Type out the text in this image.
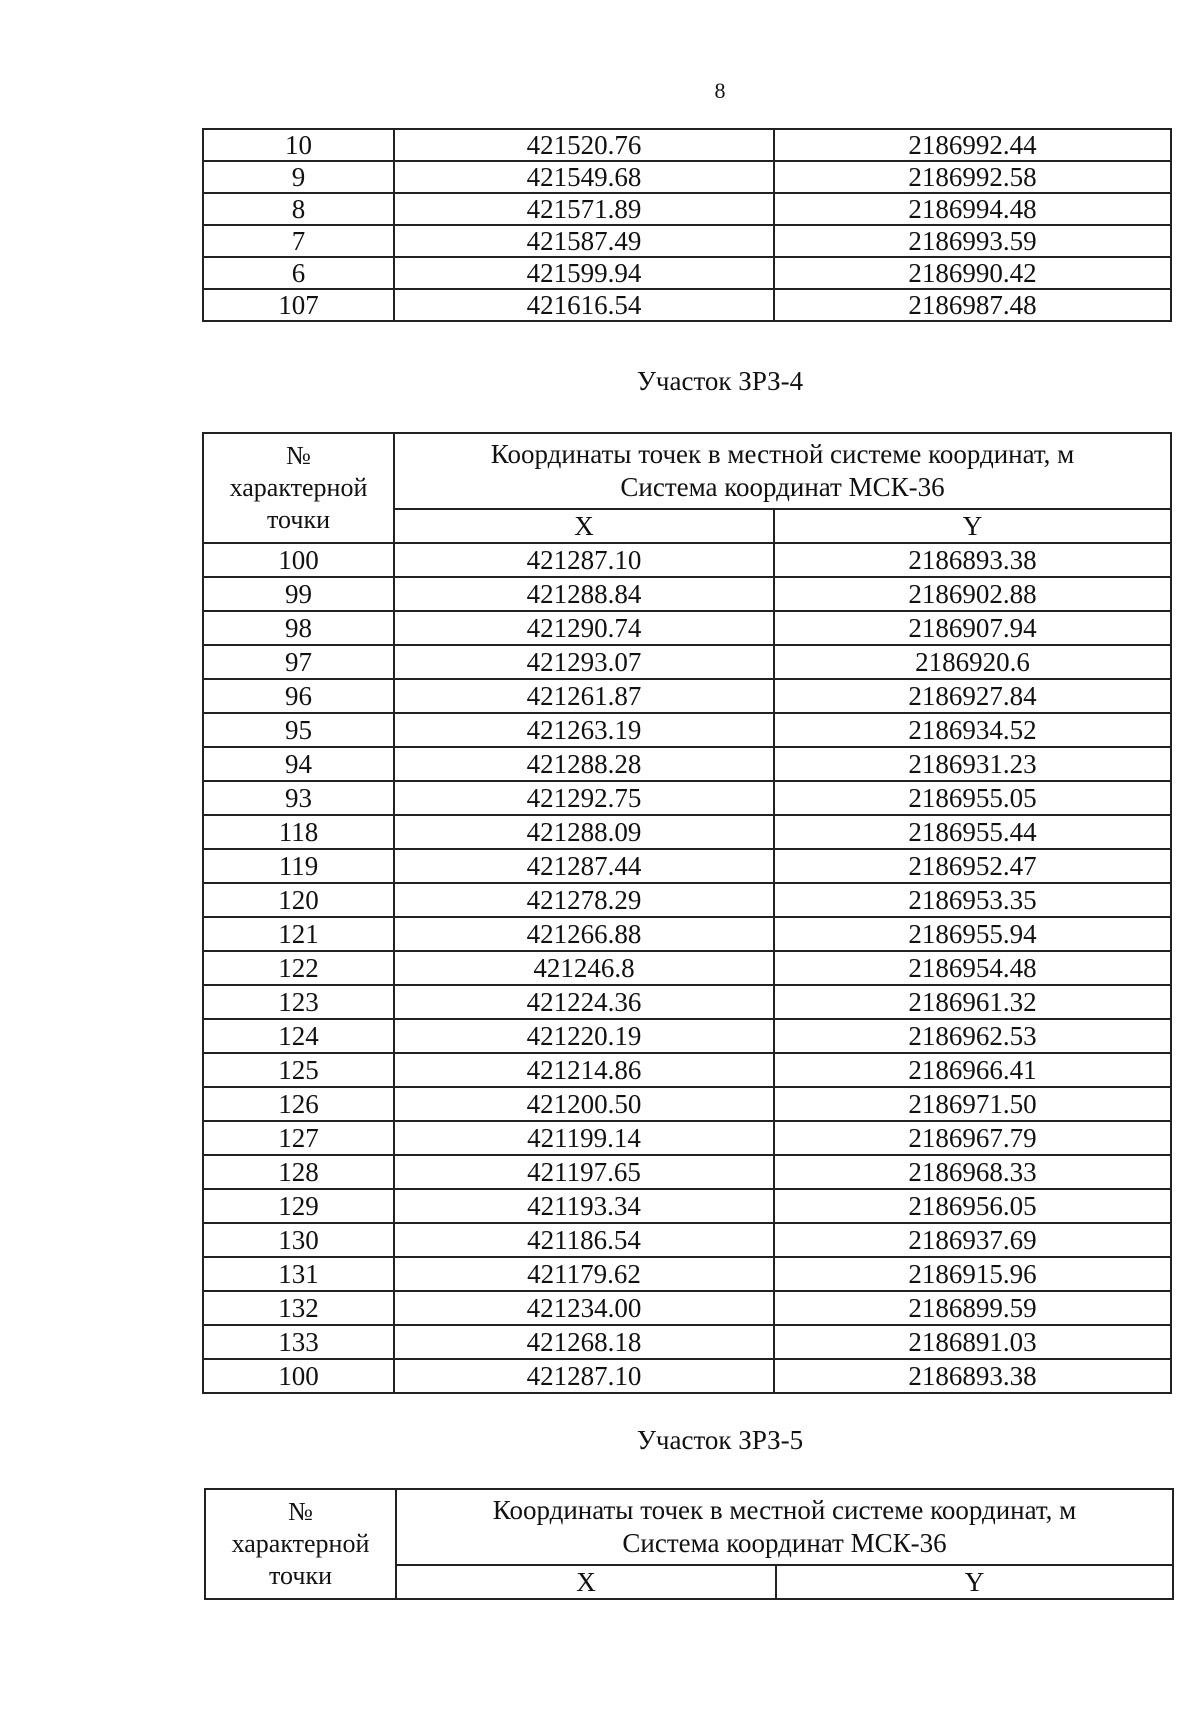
8
10	421520.76	2186992.44
9	421549.68	2186992.58
8	421571.89	2186994.48
7	421587.49	2186993.59
6	421599.94	2186990.42
107	421616.54	2186987.48
Участок ЗРЗ-4
№
характерной
точки	Координаты точек в местной системе координат, м
Система координат МСК-36	

	X	Y
100	421287.10	2186893.38
99	421288.84	2186902.88
98	421290.74	2186907.94
97	421293.07	2186920.6
96	421261.87	2186927.84
95	421263.19	2186934.52
94	421288.28	2186931.23
93	421292.75	2186955.05
118	421288.09	2186955.44
119	421287.44	2186952.47
120	421278.29	2186953.35
121	421266.88	2186955.94
122	421246.8	2186954.48
123	421224.36	2186961.32
124	421220.19	2186962.53
125	421214.86	2186966.41
126	421200.50	2186971.50
127	421199.14	2186967.79
128	421197.65	2186968.33
129	421193.34	2186956.05
130	421186.54	2186937.69
131	421179.62	2186915.96
132	421234.00	2186899.59
133	421268.18	2186891.03
100	421287.10	2186893.38
Участок ЗРЗ-5
№
характерной
точки	Координаты точек в местной системе координат, м
Система координат МСК-36	

	X	Y
